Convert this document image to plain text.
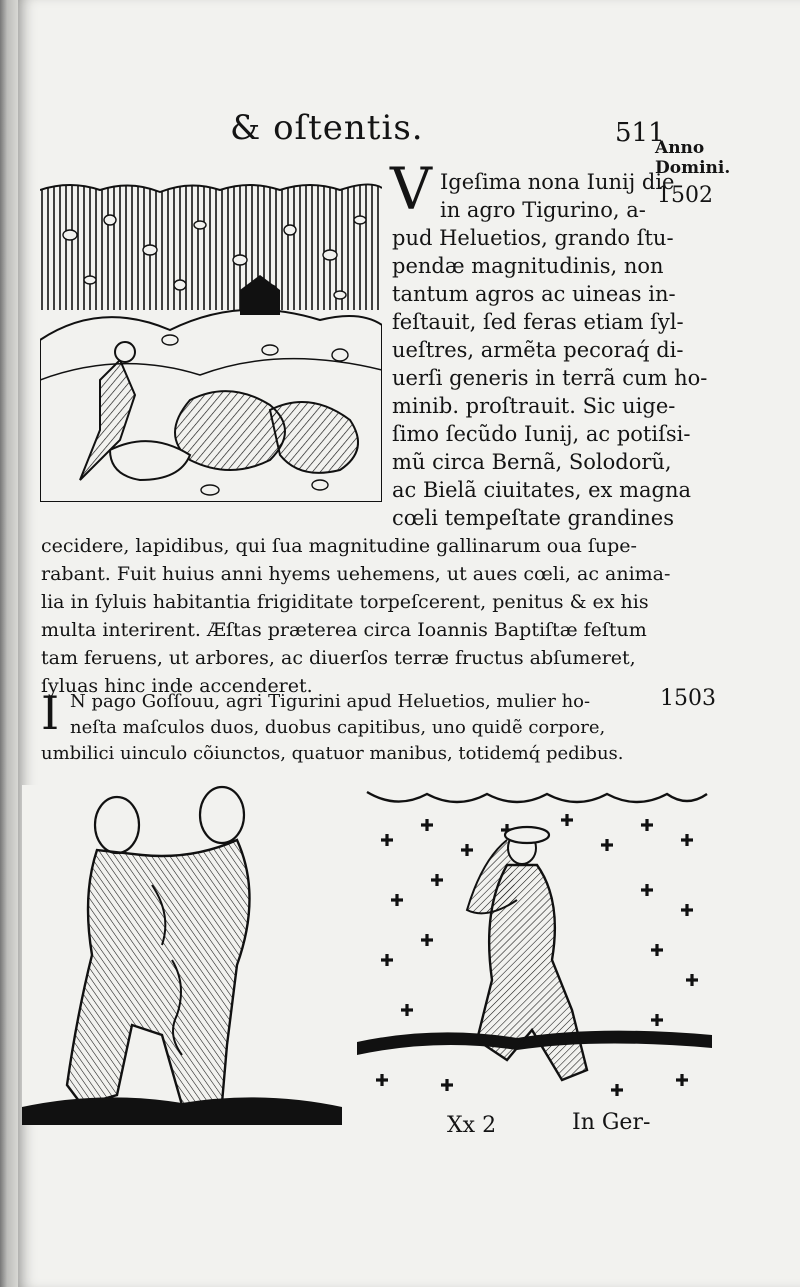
& oſtentis.	511
Anno Domini.
1502
1503
V Igeſima nona Iunij die
in agro Tigurino, a-
pud Heluetios, grando ſtu-
pendæ magnitudinis, non
tantum agros ac uineas in-
feſtauit, ſed feras etiam ſyl-
ueſtres, armẽta pecoraq́ di-
uerſi generis in terrã cum ho-
minib. proſtrauit. Sic uige-
ſimo ſecũdo Iunij, ac potiſsi-
mũ circa Bernã, Solodorũ,
ac Bielã ciuitates, ex magna
cœli tempeſtate grandines
cecidere, lapidibus, qui ſua magnitudine gallinarum oua ſupe-
rabant. Fuit huius anni hyems uehemens, ut aues cœli, ac anima-
lia in ſyluis habitantia frigiditate torpeſcerent, penitus & ex his
multa interirent. Æſtas præterea circa Ioannis Baptiſtæ feſtum
tam feruens, ut arbores, ac diuerſos terræ fructus abſumeret,
ſyluas hinc inde accenderet.
I N pago Goſſouu, agri Tigurini apud Heluetios, mulier ho-
neſta maſculos duos, duobus capitibus, uno quidẽ corpore,
umbilici uinculo cõiunctos, quatuor manibus, totidemq́ pedibus.
Xx 2	In Ger-
